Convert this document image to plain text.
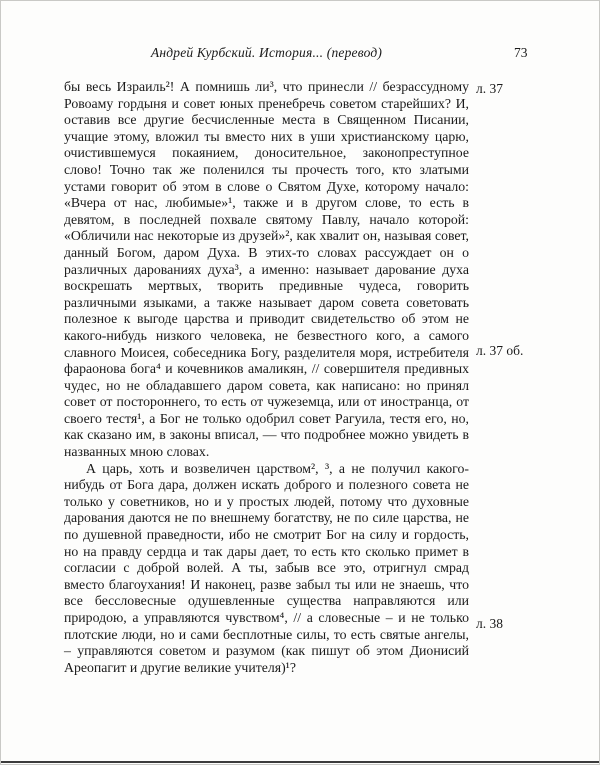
Андрей Курбский. История... (перевод)	73

бы весь Израиль²! А помнишь ли³, что принесли // безрассудному Ровоаму гордыня и совет юных пренебречь советом старейших? И, оставив все другие бесчисленные места в Священном Писании, учащие этому, вложил ты вместо них в уши христианскому царю, очистившемуся покаянием, доносительное, законопреступное слово! Точно так же поленился ты прочесть того, кто златыми устами говорит об этом в слове о Святом Духе, которому начало: «Вчера от нас, любимые»¹, также и в другом слове, то есть в девятом, в последней похвале святому Павлу, начало которой: «Обличили нас некоторые из друзей»², как хвалит он, называя совет, данный Богом, даром Духа. В этих-то словах рассуждает он о различных дарованиях духа³, а именно: называет дарование духа воскрешать мертвых, творить предивные чудеса, говорить различными языками, а также называет даром совета советовать полезное к выгоде царства и приводит свидетельство об этом не какого-нибудь низкого человека, не безвестного кого, а самого славного Моисея, собеседника Богу, разделителя моря, истребителя фараонова бога⁴ и кочевников амаликян, // совершителя предивных чудес, но не обладавшего даром совета, как написано: но принял совет от постороннего, то есть от чужеземца, или от иностранца, от своего тестя¹, а Бог не только одобрил совет Рагуила, тестя его, но, как сказано им, в законы вписал, — что подробнее можно увидеть в названных мною словах.

А царь, хоть и возвеличен царством², ³, а не получил какого-нибудь от Бога дара, должен искать доброго и полезного совета не только у советников, но и у простых людей, потому что духовные дарования даются не по внешнему богатству, не по силе царства, не по душевной праведности, ибо не смотрит Бог на силу и гордость, но на правду сердца и так дары дает, то есть кто сколько примет в согласии с доброй волей. А ты, забыв все это, отригнул смрад вместо благоухания! И наконец, разве забыл ты или не знаешь, что все бессловесные одушевленные существа направляются или природою, а управляются чувством⁴, // а словесные – и не только плотские люди, но и сами бесплотные силы, то есть святые ангелы, – управляются советом и разумом (как пишут об этом Дионисий Ареопагит и другие великие учителя)¹?

л. 37
л. 37 об.
л. 38
